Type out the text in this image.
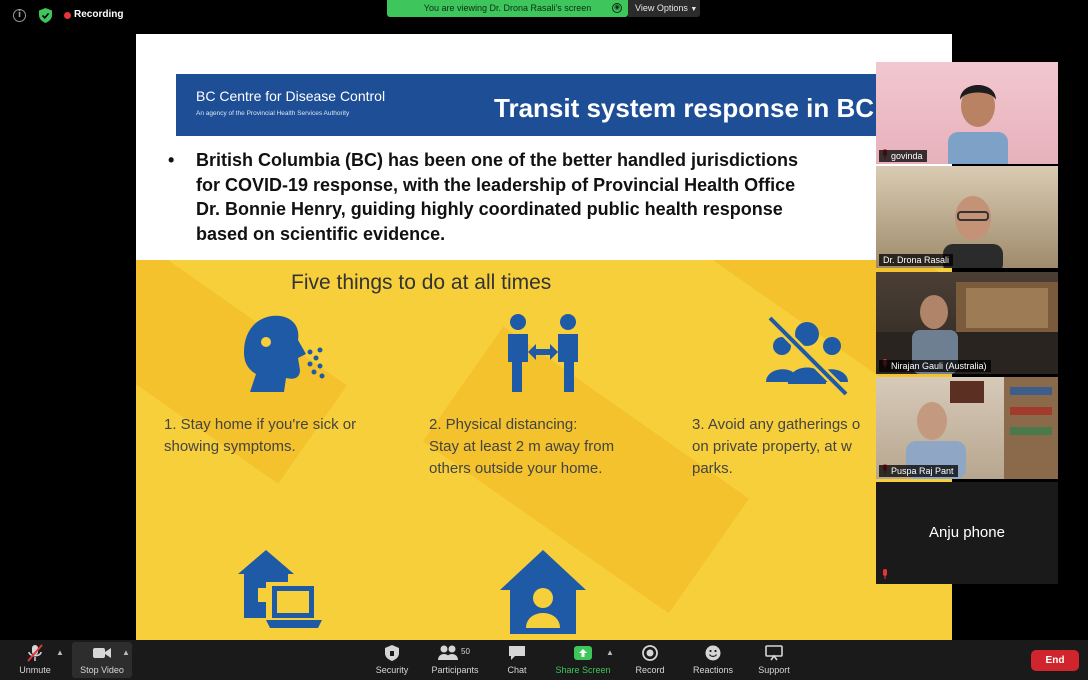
i	Recording
You are viewing Dr. Drona Rasali's screen	◉	View Options ▼
BC Centre for Disease Control
An agency of the Provincial Health Services Authority	Transit system response in BC
• British Columbia (BC) has been one of the better handled jurisdictions
for COVID-19 response, with the leadership of Provincial Health Office
Dr. Bonnie Henry, guiding highly coordinated public health response
based on scientific evidence.
Five things to do at all times
1. Stay home if you're sick or
showing symptoms.
2. Physical distancing:
Stay at least 2 m away from
others outside your home.
3. Avoid any gatherings o
on private property, at w
parks.
govinda
Dr. Drona Rasali
Nirajan Gauli (Australia)
Puspa Raj Pant
Anju phone
Unmute
▲
Stop Video
▲
Security
50
Participants	Chat	Share Screen
▲
Record	Reactions	Support
End
